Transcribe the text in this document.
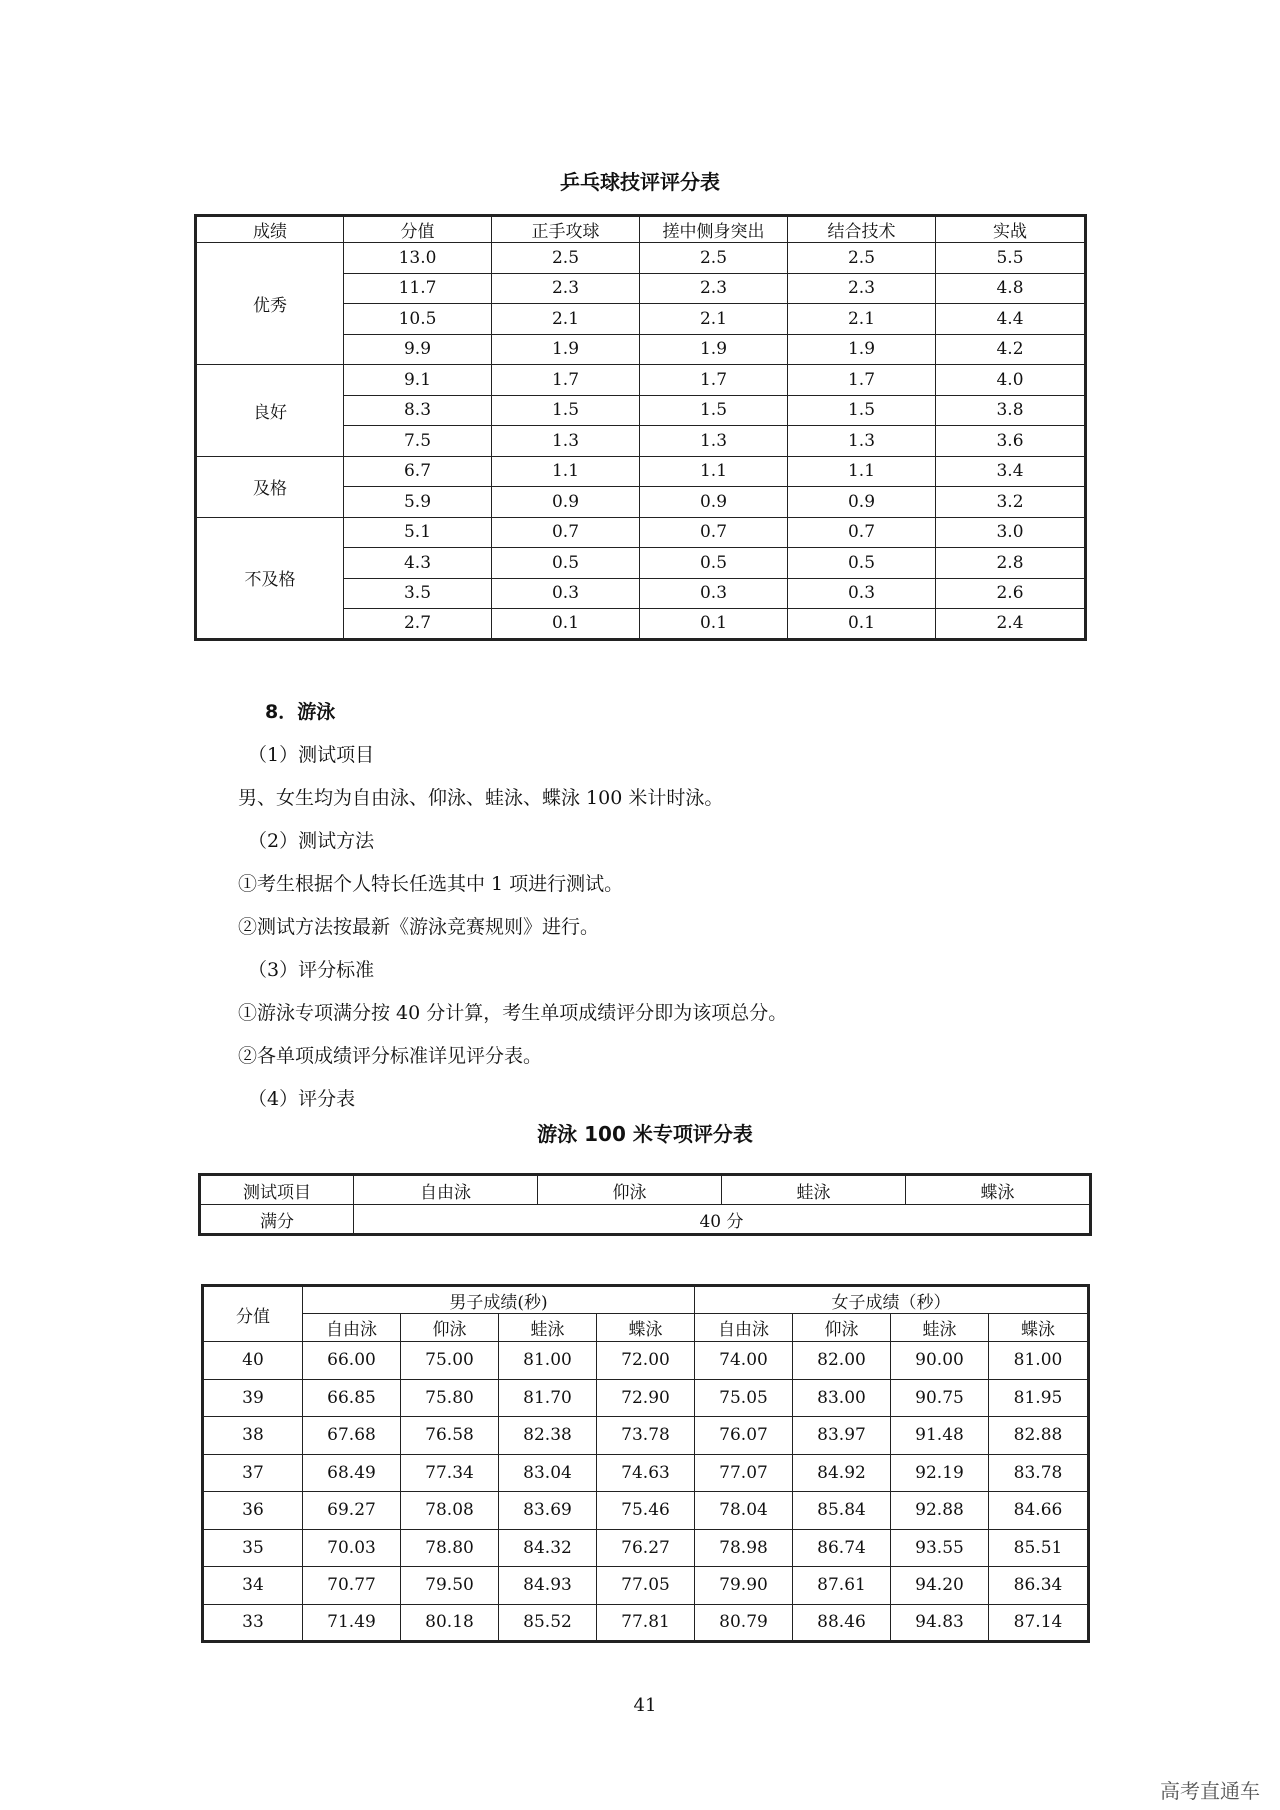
乒乓球技评评分表
成绩	分值	正手攻球	搓中侧身突出	结合技术	实战
优秀	13.0	2.5	2.5	2.5	5.5
	11.7	2.3	2.3	2.3	4.8
	10.5	2.1	2.1	2.1	4.4
	9.9	1.9	1.9	1.9	4.2
良好	9.1	1.7	1.7	1.7	4.0
	8.3	1.5	1.5	1.5	3.8
	7.5	1.3	1.3	1.3	3.6
及格	6.7	1.1	1.1	1.1	3.4
	5.9	0.9	0.9	0.9	3.2
不及格	5.1	0.7	0.7	0.7	3.0
	4.3	0.5	0.5	0.5	2.8
	3.5	0.3	0.3	0.3	2.6
	2.7	0.1	0.1	0.1	2.4
8．游泳
（1）测试项目
男、女生均为自由泳、仰泳、蛙泳、蝶泳 100 米计时泳。
（2）测试方法
①考生根据个人特长任选其中 1 项进行测试。
②测试方法按最新《游泳竞赛规则》进行。
（3）评分标准
①游泳专项满分按 40 分计算，考生单项成绩评分即为该项总分。
②各单项成绩评分标准详见评分表。
（4）评分表
游泳 100 米专项评分表
测试项目	自由泳	仰泳	蛙泳	蝶泳
满分	40 分			
分值	男子成绩(秒)				女子成绩（秒）			
	自由泳	仰泳	蛙泳	蝶泳	自由泳	仰泳	蛙泳	蝶泳
40	66.00	75.00	81.00	72.00	74.00	82.00	90.00	81.00
39	66.85	75.80	81.70	72.90	75.05	83.00	90.75	81.95
38	67.68	76.58	82.38	73.78	76.07	83.97	91.48	82.88
37	68.49	77.34	83.04	74.63	77.07	84.92	92.19	83.78
36	69.27	78.08	83.69	75.46	78.04	85.84	92.88	84.66
35	70.03	78.80	84.32	76.27	78.98	86.74	93.55	85.51
34	70.77	79.50	84.93	77.05	79.90	87.61	94.20	86.34
33	71.49	80.18	85.52	77.81	80.79	88.46	94.83	87.14
41
高考直通车
